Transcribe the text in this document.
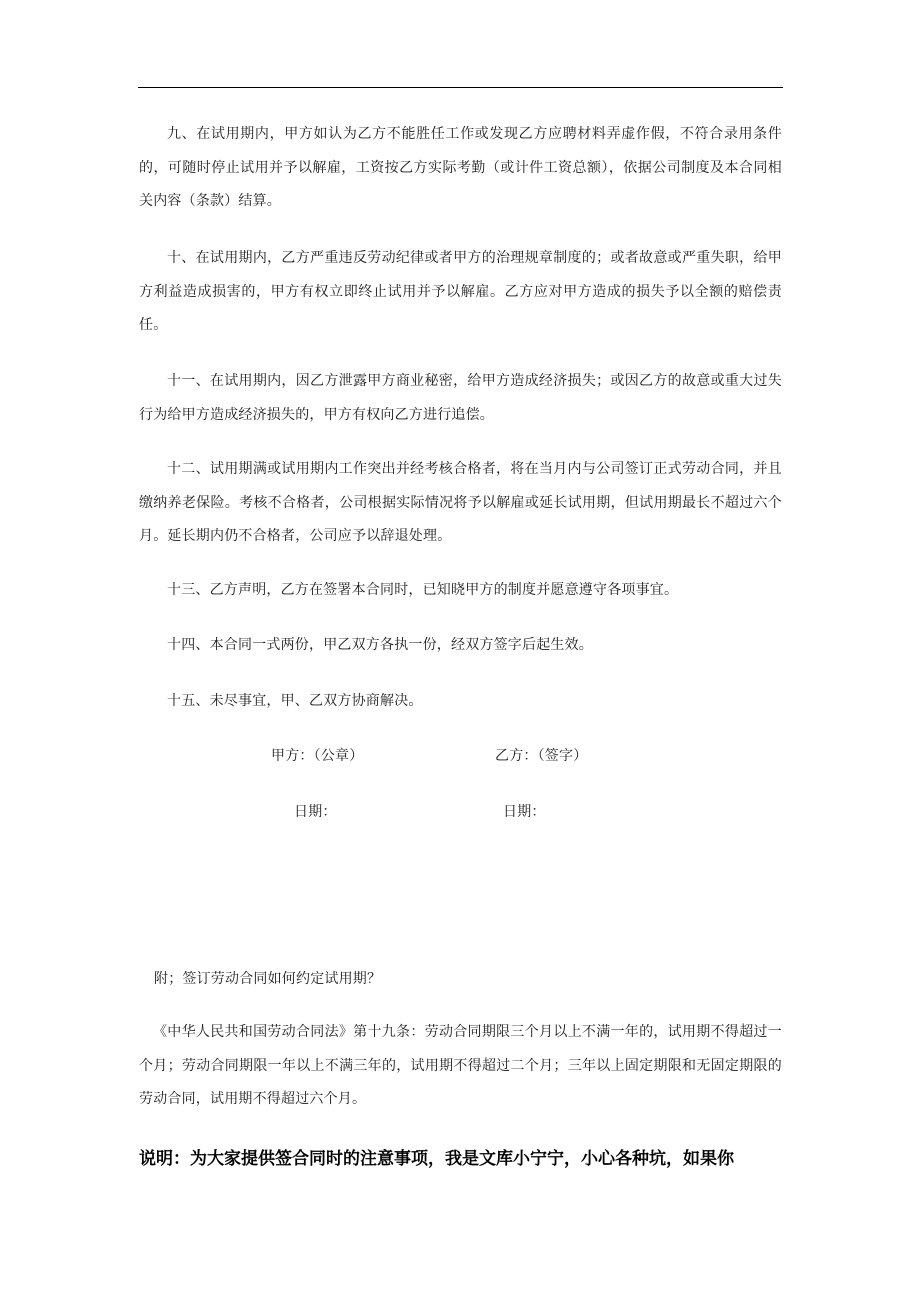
九、在试用期内，甲方如认为乙方不能胜任工作或发现乙方应聘材料弄虚作假，不符合录用条件的，可随时停止试用并予以解雇，工资按乙方实际考勤（或计件工资总额），依据公司制度及本合同相关内容（条款）结算。

十、在试用期内，乙方严重违反劳动纪律或者甲方的治理规章制度的；或者故意或严重失职，给甲方利益造成损害的，甲方有权立即终止试用并予以解雇。乙方应对甲方造成的损失予以全额的赔偿责任。

十一、在试用期内，因乙方泄露甲方商业秘密，给甲方造成经济损失；或因乙方的故意或重大过失行为给甲方造成经济损失的，甲方有权向乙方进行追偿。

十二、试用期满或试用期内工作突出并经考核合格者，将在当月内与公司签订正式劳动合同，并且缴纳养老保险。考核不合格者，公司根据实际情况将予以解雇或延长试用期，但试用期最长不超过六个月。延长期内仍不合格者，公司应予以辞退处理。

十三、乙方声明，乙方在签署本合同时，已知晓甲方的制度并愿意遵守各项事宜。

十四、本合同一式两份，甲乙双方各执一份，经双方签字后起生效。

十五、未尽事宜，甲、乙双方协商解决。

甲方：（公章）	乙方：（签字）

日期：	日期：

附；签订劳动合同如何约定试用期？

《中华人民共和国劳动合同法》第十九条：劳动合同期限三个月以上不满一年的，试用期不得超过一个月；劳动合同期限一年以上不满三年的，试用期不得超过二个月；三年以上固定期限和无固定期限的劳动合同，试用期不得超过六个月。

说明：为大家提供签合同时的注意事项，我是文库小宁宁，小心各种坑，如果你
